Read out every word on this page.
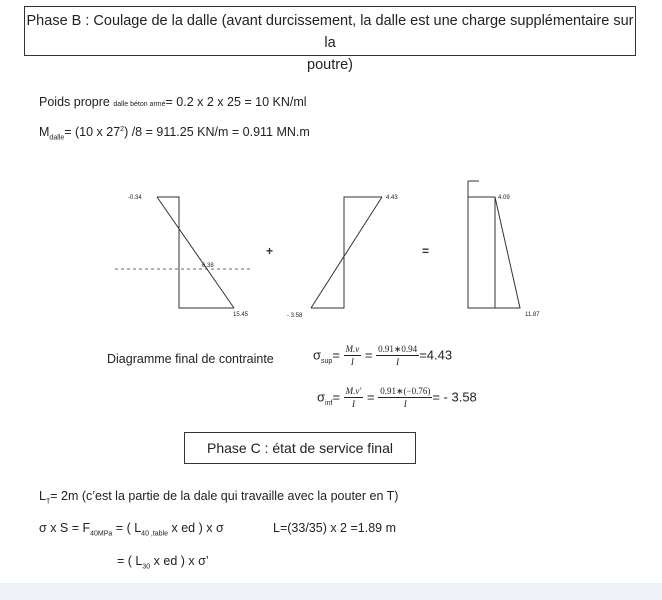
Phase B : Coulage de la dalle (avant durcissement, la dalle est une charge supplémentaire sur la
poutre)
Poids propre dalle béton armé= 0.2 x 2 x 25 = 10 KN/ml
$M_{dalle}= (10$ x $27^2$) /8 = 911.25 KN/m = 0.911 MN.m
-0.34
6.38
15.45
+
4.43
- 3.58
=
4.09
11.87
Diagramme final de contrainte	$\sigma_{sup}= \frac{M.v}{I} = \frac{0.91∗0.94}{I} =4.43$
$\sigma_{inf}= \frac{M.v'}{I} = \frac{0.91∗(-0.76)}{I}$ = - 3.58
Phase C : état de service final
$L_T= 2m$ (c’est la partie de la dale qui travaille avec la pouter en T)
σ x $S = F_{40MPa}$ = ( $L_{40 ,table}$ x ed ) x σ	L=(33/35) x 2 =1.89 m
= ( $L_{30}$ x ed ) x σ’
